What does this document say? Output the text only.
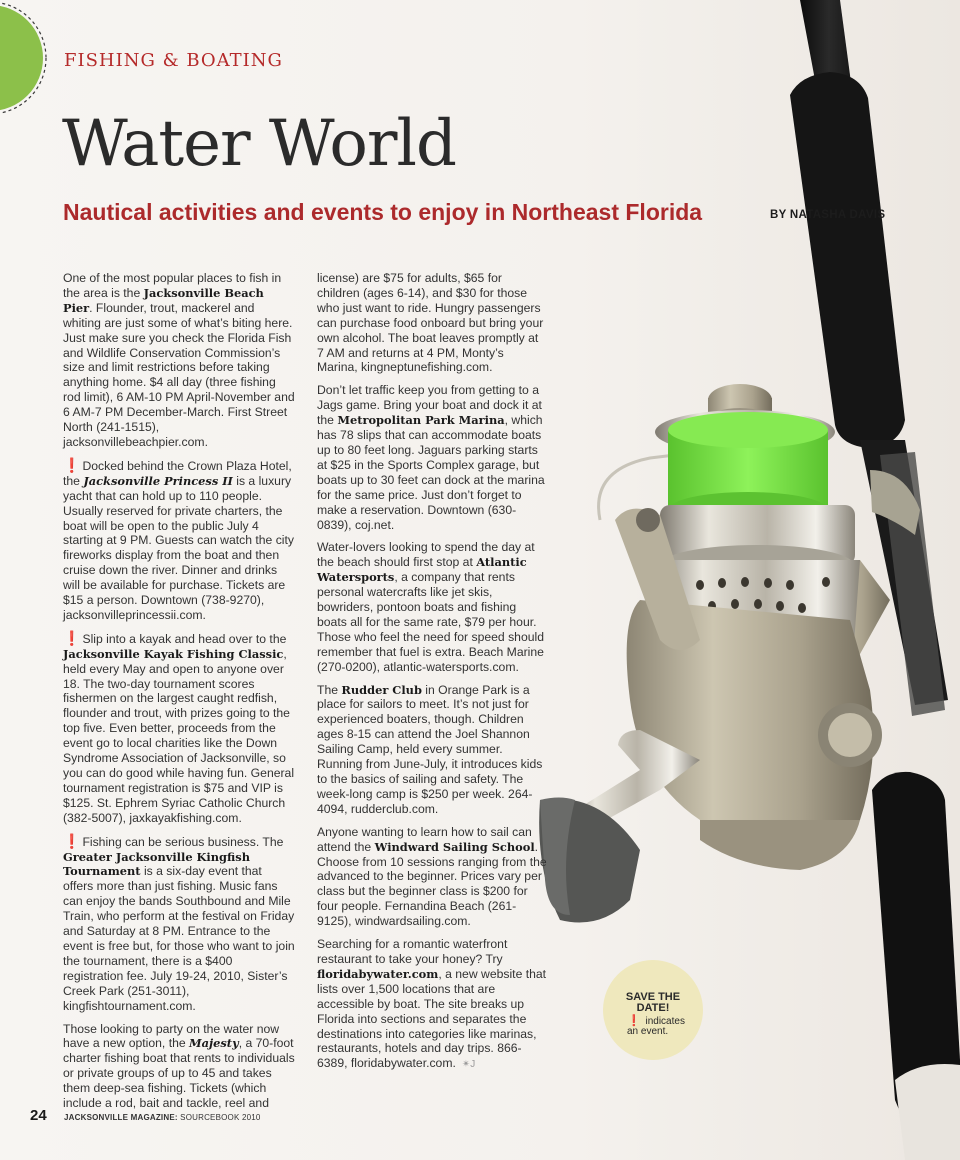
FISHING & BOATING
Water World
Nautical activities and events to enjoy in Northeast Florida	BY NATASHA DAVIS

One of the most popular places to fish in the area is the Jacksonville Beach Pier. Flounder, trout, mackerel and whiting are just some of what’s biting here. Just make sure you check the Florida Fish and Wildlife Conservation Commission’s size and limit restrictions before taking anything home. $4 all day (three fishing rod limit), 6 AM-10 PM April-November and 6 AM-7 PM December-March. First Street North (241-1515), jacksonvillebeachpier.com.

❗ Docked behind the Crown Plaza Hotel, the Jacksonville Princess II is a luxury yacht that can hold up to 110 people. Usually reserved for private charters, the boat will be open to the public July 4 starting at 9 PM. Guests can watch the city fireworks display from the boat and then cruise down the river. Dinner and drinks will be available for purchase. Tickets are $15 a person. Downtown (738-9270), jacksonvilleprincessii.com.

❗ Slip into a kayak and head over to the Jacksonville Kayak Fishing Classic, held every May and open to anyone over 18. The two-day tournament scores fishermen on the largest caught redfish, flounder and trout, with prizes going to the top five. Even better, proceeds from the event go to local charities like the Down Syndrome Association of Jacksonville, so you can do good while having fun. General tournament registration is $75 and VIP is $125. St. Ephrem Syriac Catholic Church (382-5007), jaxkayakfishing.com.

❗ Fishing can be serious business. The Greater Jacksonville Kingfish Tournament is a six-day event that offers more than just fishing. Music fans can enjoy the bands Southbound and Mile Train, who perform at the festival on Friday and Saturday at 8 PM. Entrance to the event is free but, for those who want to join the tournament, there is a $400 registration fee. July 19-24, 2010, Sister’s Creek Park (251-3011), kingfishtournament.com.

Those looking to party on the water now have a new option, the Majesty, a 70-foot charter fishing boat that rents to individuals or private groups of up to 45 and takes them deep-sea fishing. Tickets (which include a rod, bait and tackle, reel and

license) are $75 for adults, $65 for children (ages 6-14), and $30 for those who just want to ride. Hungry passengers can purchase food onboard but bring your own alcohol. The boat leaves promptly at 7 AM and returns at 4 PM, Monty’s Marina, kingneptunefishing.com.

Don’t let traffic keep you from getting to a Jags game. Bring your boat and dock it at the Metropolitan Park Marina, which has 78 slips that can accommodate boats up to 80 feet long. Jaguars parking starts at $25 in the Sports Complex garage, but boats up to 30 feet can dock at the marina for the same price. Just don’t forget to make a reservation. Downtown (630-0839), coj.net.

Water-lovers looking to spend the day at the beach should first stop at Atlantic Watersports, a company that rents personal watercrafts like jet skis, bowriders, pontoon boats and fishing boats all for the same rate, $79 per hour. Those who feel the need for speed should remember that fuel is extra. Beach Marine (270-0200), atlantic-watersports.com.

The Rudder Club in Orange Park is a place for sailors to meet. It’s not just for experienced boaters, though. Children ages 8-15 can attend the Joel Shannon Sailing Camp, held every summer. Running from June-July, it introduces kids to the basics of sailing and safety. The week-long camp is $250 per week. 264-4094, rudderclub.com.

Anyone wanting to learn how to sail can attend the Windward Sailing School. Choose from 10 sessions ranging from the advanced to the beginner. Prices vary per class but the beginner class is $200 for four people. Fernandina Beach (261-9125), windwardsailing.com.

Searching for a romantic waterfront restaurant to take your honey? Try floridabywater.com, a new website that lists over 1,500 locations that are accessible by boat. The site breaks up Florida into sections and separates the destinations into categories like marinas, restaurants, hotels and day trips. 866-6389, floridabywater.com. ✴J

SAVE THE
DATE!
❗ indicates an event.
24 JACKSONVILLE MAGAZINE: SOURCEBOOK 2010
